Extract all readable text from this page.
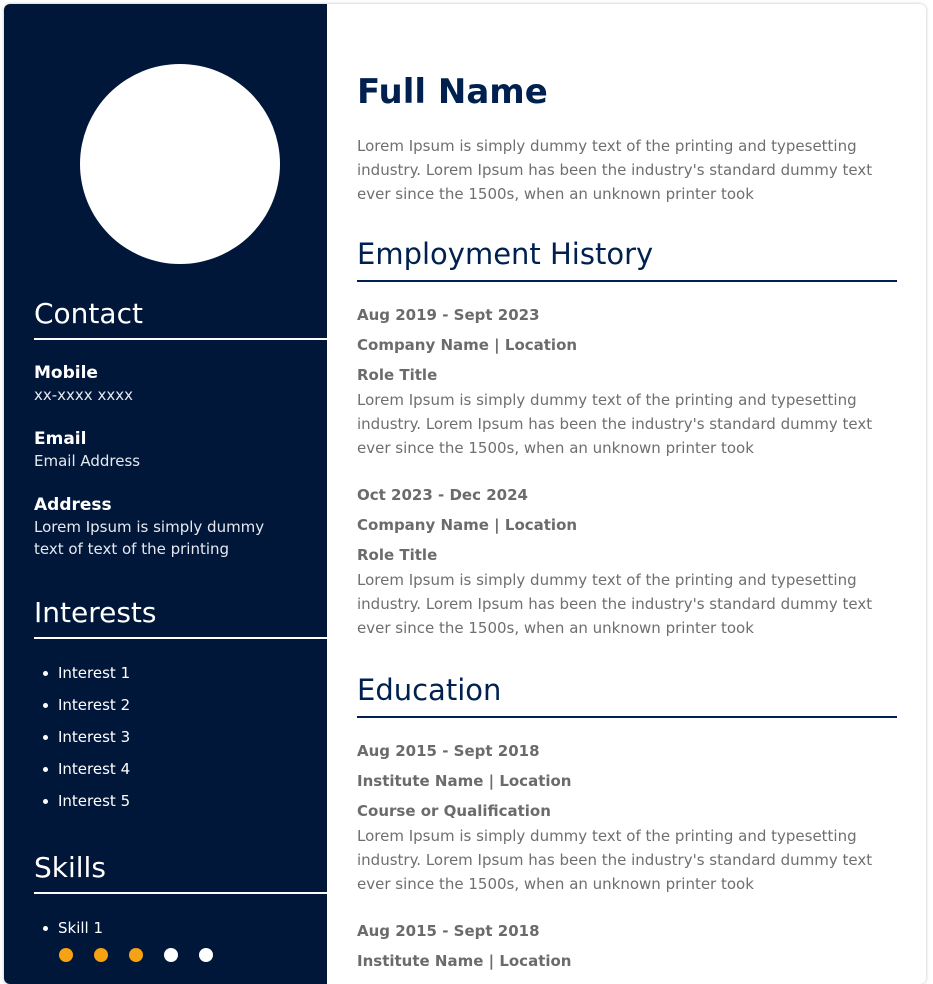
Contact
Mobile
xx-xxxx xxxx
Email
Email Address
Address
Lorem Ipsum is simply dummy text of text of the printing
Interests
Interest 1
Interest 2
Interest 3
Interest 4
Interest 5
Skills
Skill 1
Full Name
Lorem Ipsum is simply dummy text of the printing and typesetting industry. Lorem Ipsum has been the industry's standard dummy text ever since the 1500s, when an unknown printer took
Employment History
Aug 2019 - Sept 2023
Company Name | Location
Role Title
Lorem Ipsum is simply dummy text of the printing and typesetting industry. Lorem Ipsum has been the industry's standard dummy text ever since the 1500s, when an unknown printer took
Oct 2023 - Dec 2024
Company Name | Location
Role Title
Lorem Ipsum is simply dummy text of the printing and typesetting industry. Lorem Ipsum has been the industry's standard dummy text ever since the 1500s, when an unknown printer took
Education
Aug 2015 - Sept 2018
Institute Name | Location
Course or Qualification
Lorem Ipsum is simply dummy text of the printing and typesetting industry. Lorem Ipsum has been the industry's standard dummy text ever since the 1500s, when an unknown printer took
Aug 2015 - Sept 2018
Institute Name | Location
